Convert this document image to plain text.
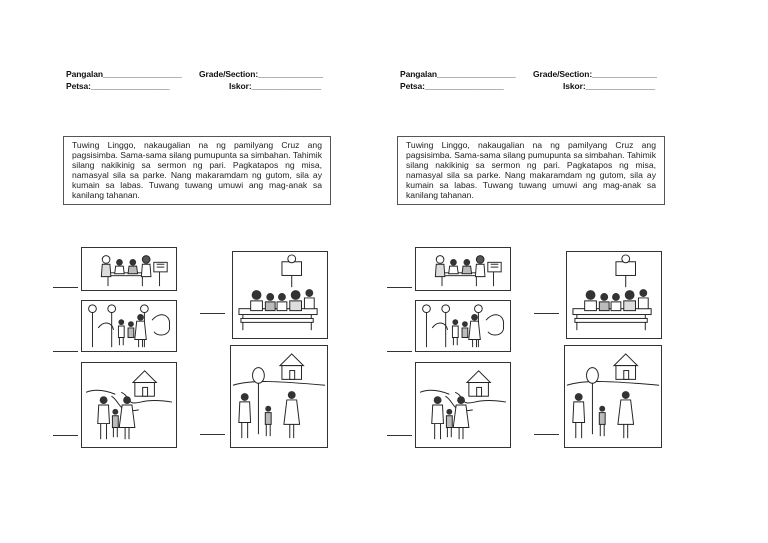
Pangalan_________________ Grade/Section:______________
Petsa:_________________	Iskor:_______________
Tuwing Linggo, nakaugalian na ng pamilyang Cruz ang pagsisimba. Sama-sama silang pumupunta sa simbahan. Tahimik silang nakikinig sa sermon ng pari. Pagkatapos ng misa, namasyal sila sa parke. Nang makaramdam ng gutom, sila ay kumain sa labas. Tuwang tuwang umuwi ang mag-anak sa kanilang tahanan.
Pangalan_________________ Grade/Section:______________
Petsa:_________________	Iskor:_______________
Tuwing Linggo, nakaugalian na ng pamilyang Cruz ang pagsisimba. Sama-sama silang pumupunta sa simbahan. Tahimik silang nakikinig sa sermon ng pari. Pagkatapos ng misa, namasyal sila sa parke. Nang makaramdam ng gutom, sila ay kumain sa labas. Tuwang tuwang umuwi ang mag-anak sa kanilang tahanan.
